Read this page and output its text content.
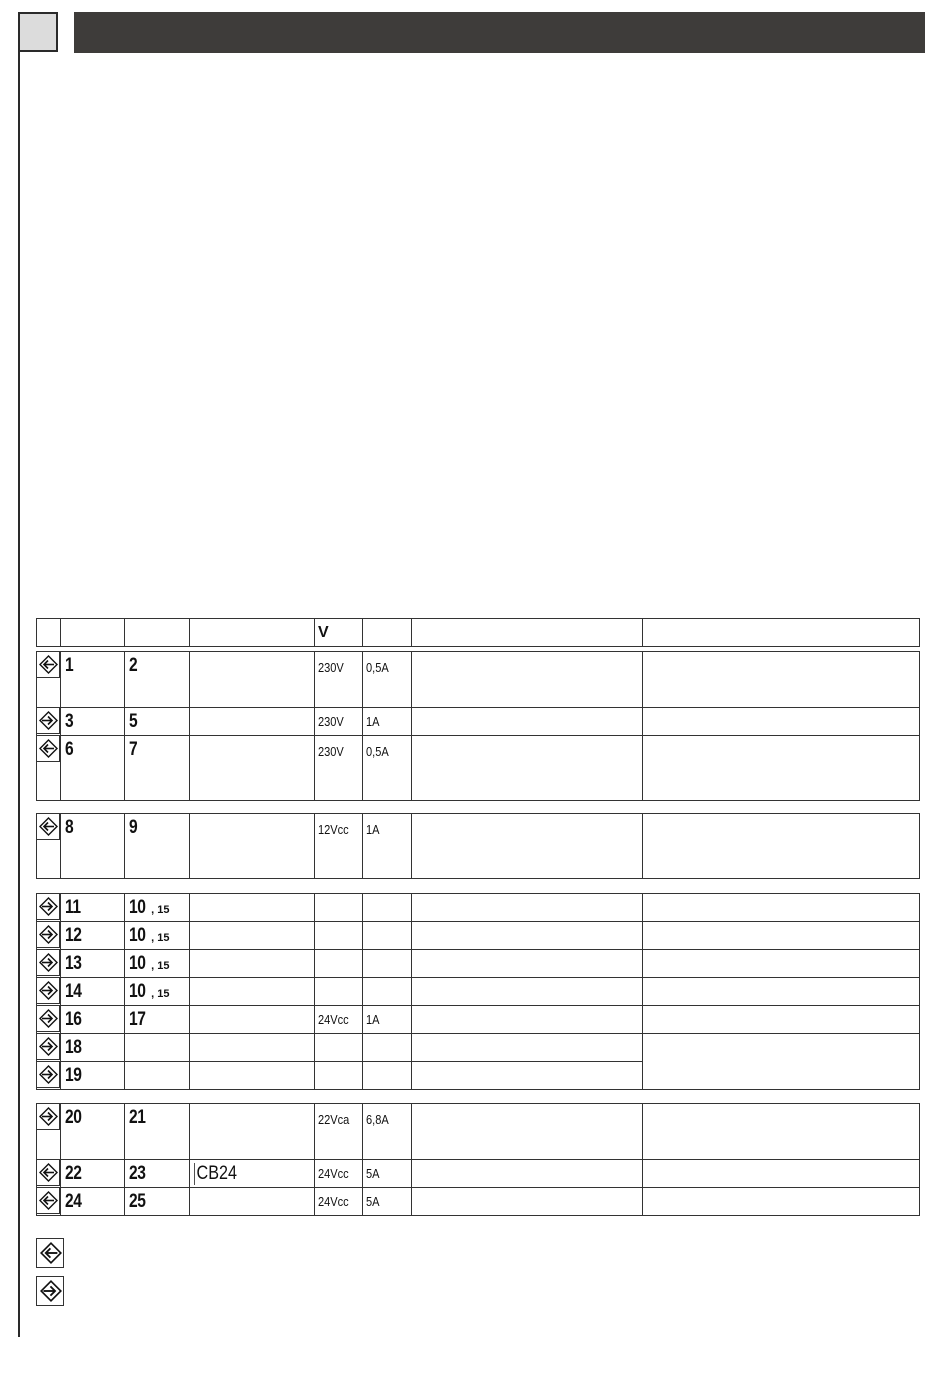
				V			
	1	2		230V	0,5A		

	3	5		230V	1A		

	6	7		230V	0,5A		
	8	9		12Vcc	1A		
	11	10 , 15					

	12	10 , 15					

	13	10 , 15					

	14	10 , 15					

	16	17		24Vcc	1A		

	18						

	19						
	20	21		22Vca	6,8A		

	22	23	CB24	24Vcc	5A		

	24	25		24Vcc	5A		
